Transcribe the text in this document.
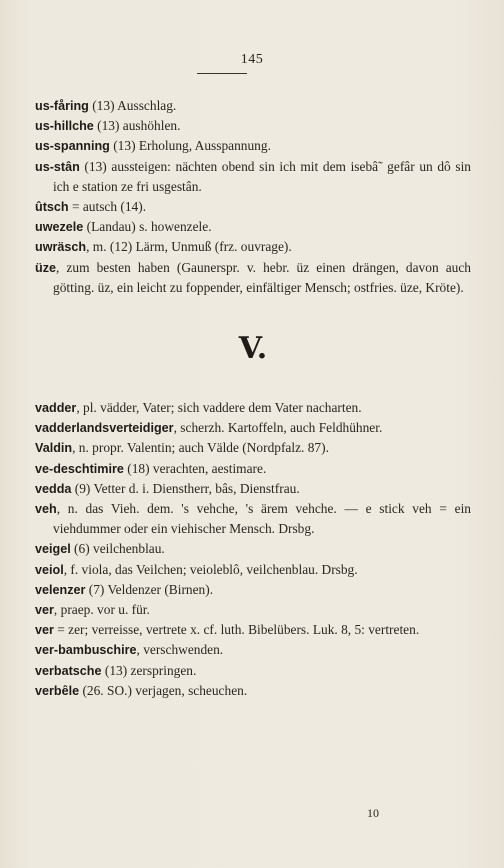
145

us-fåring (13) Ausschlag.

us-hillche (13) aushöhlen.

us-spanning (13) Erholung, Ausspannung.

us-stân (13) aussteigen: nächten obend sin ich mit dem isebâ˜ gefâr un dô sin ich e station ze fri usgestân.

ûtsch = autsch (14).

uwezele (Landau) s. howenzele.

uwräsch, m. (12) Lärm, Unmuß (frz. ouvrage).

üze, zum besten haben (Gaunerspr. v. hebr. üz einen drängen, davon auch götting. üz, ein leicht zu foppender, einfältiger Mensch; ostfries. üze, Kröte).

V.

vadder, pl. vädder, Vater; sich vaddere dem Vater nacharten.

vadderlandsverteidiger, scherzh. Kartoffeln, auch Feldhühner.

Valdin, n. propr. Valentin; auch Välde (Nordpfalz. 87).

ve-deschtimire (18) verachten, aestimare.

vedda (9) Vetter d. i. Dienstherr, bâs, Dienstfrau.

veh, n. das Vieh. dem. 's vehche, 's ärem vehche. — e stick veh = ein viehdummer oder ein viehischer Mensch. Drsbg.

veigel (6) veilchenblau.

veiol, f. viola, das Veilchen; veioleblô, veilchenblau. Drsbg.

velenzer (7) Veldenzer (Birnen).

ver, praep. vor u. für.

ver = zer; verreisse, vertrete x. cf. luth. Bibelübers. Luk. 8, 5: vertreten.

ver-bambuschire, verschwenden.

verbatsche (13) zerspringen.

verbêle (26. SO.) verjagen, scheuchen.

10
